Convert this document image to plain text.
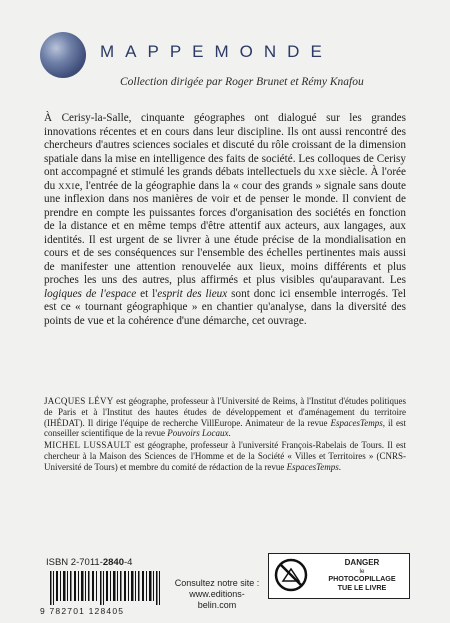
MAPPEMONDE
Collection dirigée par Roger Brunet et Rémy Knafou

À Cerisy-la-Salle, cinquante géographes ont dialogué sur les grandes innovations récentes et en cours dans leur discipline. Ils ont aussi rencontré des chercheurs d'autres sciences sociales et discuté du rôle croissant de la dimension spatiale dans la mise en intelligence des faits de société. Les colloques de Cerisy ont accompagné et stimulé les grands débats intellectuels du XXe siècle. À l'orée du XXIe, l'entrée de la géographie dans la « cour des grands » signale sans doute une inflexion dans nos manières de voir et de penser le monde. Il convient de prendre en compte les puissantes forces d'organisation des sociétés en fonction de la distance et en même temps d'être attentif aux acteurs, aux langages, aux identités. Il est urgent de se livrer à une étude précise de la mondialisation en cours et de ses conséquences sur l'ensemble des échelles pertinentes mais aussi de manifester une attention renouvelée aux lieux, moins différents et plus proches les uns des autres, plus affirmés et plus visibles qu'auparavant. Les logiques de l'espace et l'esprit des lieux sont donc ici ensemble interrogés. Tel est ce « tournant géographique » en chantier qu'analyse, dans la diversité des points de vue et la cohérence d'une démarche, cet ouvrage.

JACQUES LÉVY est géographe, professeur à l'Université de Reims, à l'Institut d'études politiques de Paris et à l'Institut des hautes études de développement et d'aménagement du territoire (IHÉDAT). Il dirige l'équipe de recherche VillEurope. Animateur de la revue EspacesTemps, il est conseiller scientifique de la revue Pouvoirs Locaux.

MICHEL LUSSAULT est géographe, professeur à l'université François-Rabelais de Tours. Il est chercheur à la Maison des Sciences de l'Homme et de la Société « Villes et Territoires » (CNRS-Université de Tours) et membre du comité de rédaction de la revue EspacesTemps.

ISBN 2-7011-2840-4
9 782701 128405
Consultez notre site :
www.editions-belin.com
DANGER
le
PHOTOCOPILLAGE
TUE LE LIVRE
